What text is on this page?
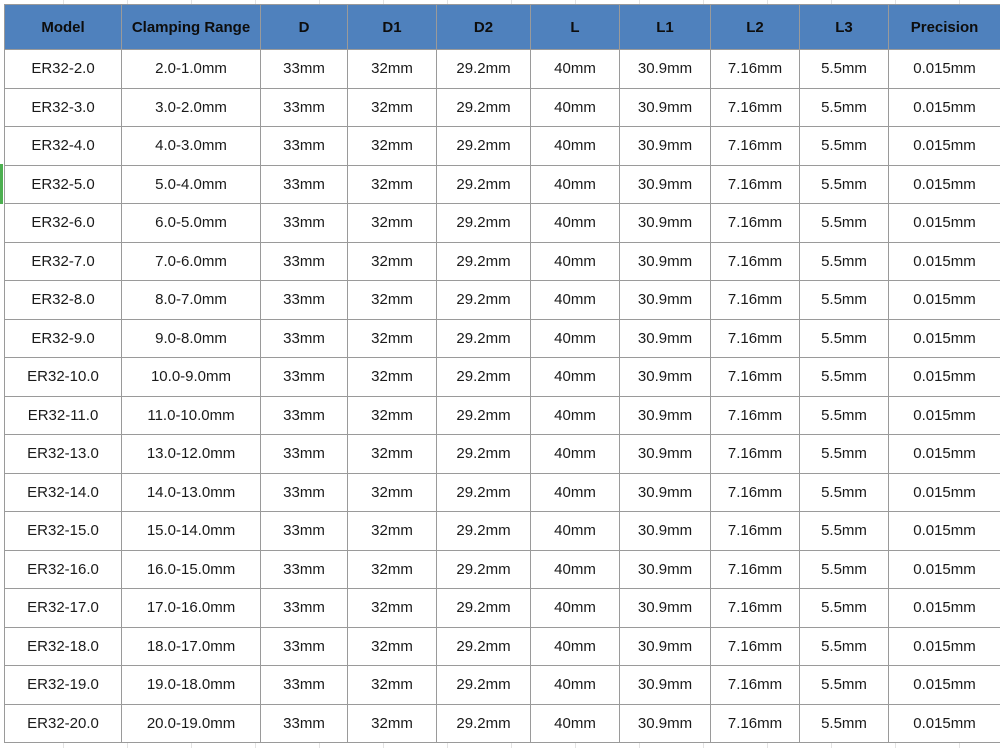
Model	Clamping Range	D	D1	D2	L	L1	L2	L3	Precision
ER32-2.0	2.0-1.0mm	33mm	32mm	29.2mm	40mm	30.9mm	7.16mm	5.5mm	0.015mm
ER32-3.0	3.0-2.0mm	33mm	32mm	29.2mm	40mm	30.9mm	7.16mm	5.5mm	0.015mm
ER32-4.0	4.0-3.0mm	33mm	32mm	29.2mm	40mm	30.9mm	7.16mm	5.5mm	0.015mm
ER32-5.0	5.0-4.0mm	33mm	32mm	29.2mm	40mm	30.9mm	7.16mm	5.5mm	0.015mm
ER32-6.0	6.0-5.0mm	33mm	32mm	29.2mm	40mm	30.9mm	7.16mm	5.5mm	0.015mm
ER32-7.0	7.0-6.0mm	33mm	32mm	29.2mm	40mm	30.9mm	7.16mm	5.5mm	0.015mm
ER32-8.0	8.0-7.0mm	33mm	32mm	29.2mm	40mm	30.9mm	7.16mm	5.5mm	0.015mm
ER32-9.0	9.0-8.0mm	33mm	32mm	29.2mm	40mm	30.9mm	7.16mm	5.5mm	0.015mm
ER32-10.0	10.0-9.0mm	33mm	32mm	29.2mm	40mm	30.9mm	7.16mm	5.5mm	0.015mm
ER32-11.0	11.0-10.0mm	33mm	32mm	29.2mm	40mm	30.9mm	7.16mm	5.5mm	0.015mm
ER32-13.0	13.0-12.0mm	33mm	32mm	29.2mm	40mm	30.9mm	7.16mm	5.5mm	0.015mm
ER32-14.0	14.0-13.0mm	33mm	32mm	29.2mm	40mm	30.9mm	7.16mm	5.5mm	0.015mm
ER32-15.0	15.0-14.0mm	33mm	32mm	29.2mm	40mm	30.9mm	7.16mm	5.5mm	0.015mm
ER32-16.0	16.0-15.0mm	33mm	32mm	29.2mm	40mm	30.9mm	7.16mm	5.5mm	0.015mm
ER32-17.0	17.0-16.0mm	33mm	32mm	29.2mm	40mm	30.9mm	7.16mm	5.5mm	0.015mm
ER32-18.0	18.0-17.0mm	33mm	32mm	29.2mm	40mm	30.9mm	7.16mm	5.5mm	0.015mm
ER32-19.0	19.0-18.0mm	33mm	32mm	29.2mm	40mm	30.9mm	7.16mm	5.5mm	0.015mm
ER32-20.0	20.0-19.0mm	33mm	32mm	29.2mm	40mm	30.9mm	7.16mm	5.5mm	0.015mm
